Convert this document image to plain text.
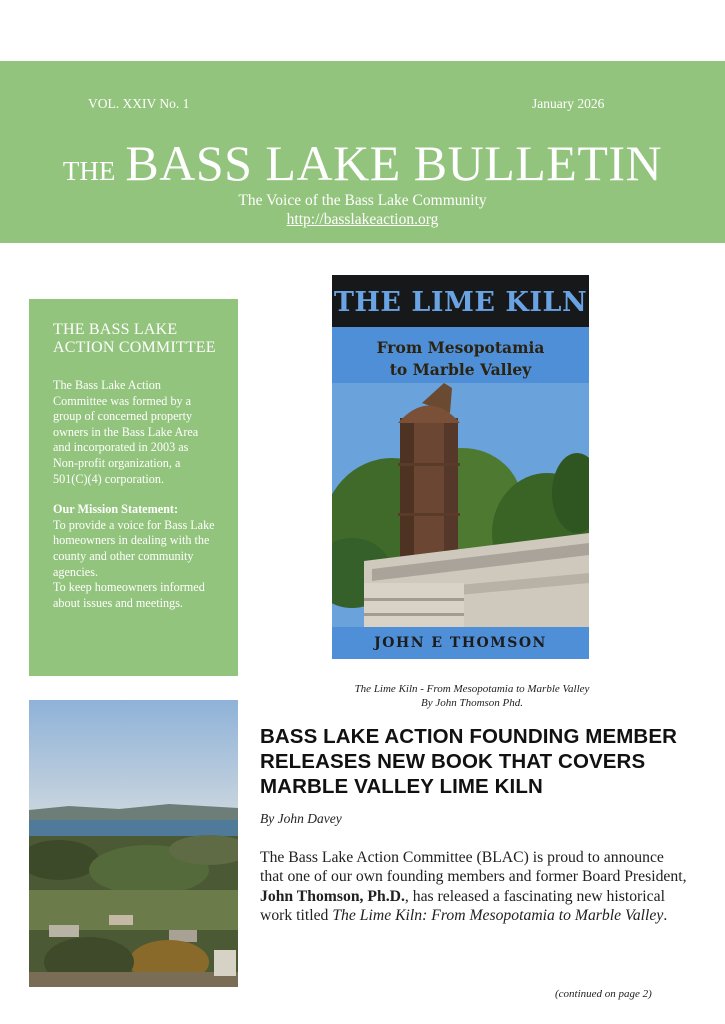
VOL. XXIV No. 1	January 2026
THE BASS LAKE BULLETIN
The Voice of the Bass Lake Community
http://basslakeaction.org
THE BASS LAKE
ACTION COMMITTEE
The Bass Lake Action Committee was formed by a group of concerned property owners in the Bass Lake Area and incorporated in 2003 as Non-profit organization, a 501(C)(4) corporation.
Our Mission Statement:
To provide a voice for Bass Lake homeowners in dealing with the county and other community agencies.
To keep homeowners informed about issues and meetings.
THE LIME KILN
From Mesopotamia
to Marble Valley
JOHN E THOMSON
The Lime Kiln - From Mesopotamia to Marble Valley
By John Thomson Phd.
BASS LAKE ACTION FOUNDING MEMBER RELEASES NEW BOOK THAT COVERS MARBLE VALLEY LIME KILN
By John Davey
The Bass Lake Action Committee (BLAC) is proud to announce that one of our own founding members and former Board President, John Thomson, Ph.D., has released a fascinating new historical work titled The Lime Kiln: From Mesopotamia to Marble Valley.
(continued on page 2)
